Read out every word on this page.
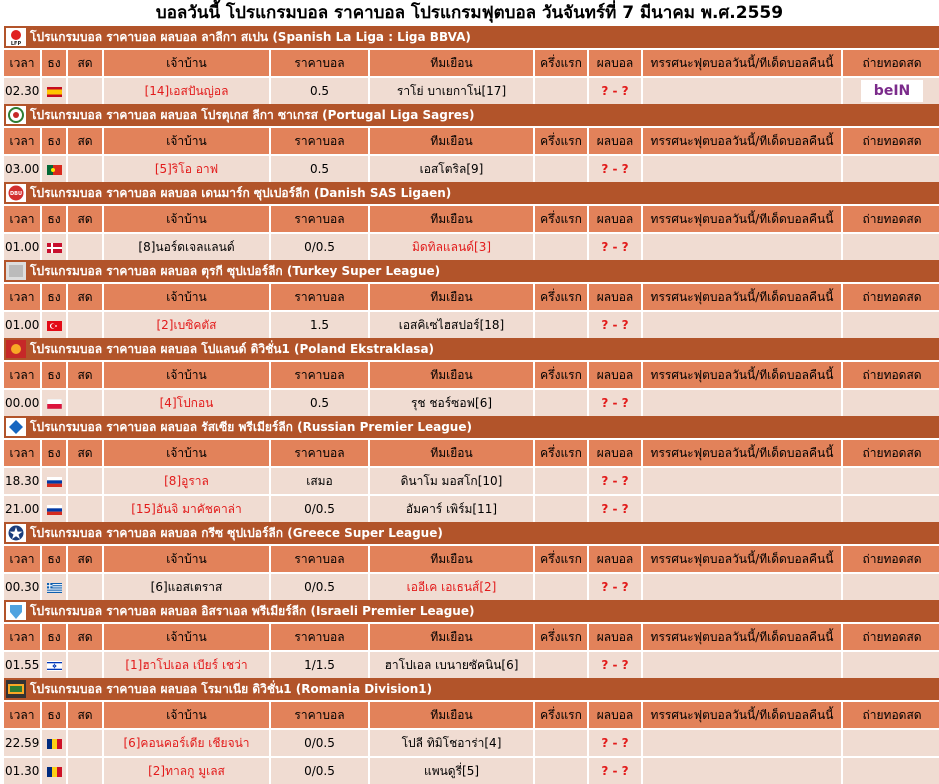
บอลวันนี้ โปรแกรมบอล ราคาบอล โปรแกรมฟุตบอล วันจันทร์ที่ 7 มีนาคม พ.ศ.2559
LFP
โปรแกรมบอล ราคาบอล ผลบอล ลาลีกา สเปน (Spanish La Liga : Liga BBVA)									
เวลา	ธง	สด	เจ้าบ้าน	ราคาบอล	ทีมเยือน	ครึ่งแรก	ผลบอล	ทรรศนะฟุตบอลวันนี้/ทีเด็ดบอลคืนนี้	ถ่ายทอดสด
02.30			[14]เอสปันญ่อล	0.5	ราโย่ บาเยกาโน่[17]		? - ?		beIN
โปรแกรมบอล ราคาบอล ผลบอล โปรตุเกส ลีกา ซาเกรส (Portugal Liga Sagres)									
เวลา	ธง	สด	เจ้าบ้าน	ราคาบอล	ทีมเยือน	ครึ่งแรก	ผลบอล	ทรรศนะฟุตบอลวันนี้/ทีเด็ดบอลคืนนี้	ถ่ายทอดสด
03.00			[5]ริโอ อาฟ	0.5	เอสโตริล[9]		? - ?		
DBU โปรแกรมบอล ราคาบอล ผลบอล เดนมาร์ก ซุปเปอร์ลีก (Danish SAS Ligaen)									
เวลา	ธง	สด	เจ้าบ้าน	ราคาบอล	ทีมเยือน	ครึ่งแรก	ผลบอล	ทรรศนะฟุตบอลวันนี้/ทีเด็ดบอลคืนนี้	ถ่ายทอดสด
01.00			[8]นอร์ดเจลแลนด์	0/0.5	มิดทิลแลนด์[3]		? - ?		
โปรแกรมบอล ราคาบอล ผลบอล ตุรกี ซุปเปอร์ลีก (Turkey Super League)									
เวลา	ธง	สด	เจ้าบ้าน	ราคาบอล	ทีมเยือน	ครึ่งแรก	ผลบอล	ทรรศนะฟุตบอลวันนี้/ทีเด็ดบอลคืนนี้	ถ่ายทอดสด
01.00			[2]เบซิคตัส	1.5	เอสคิเซไฮสปอร์[18]		? - ?		
โปรแกรมบอล ราคาบอล ผลบอล โปแลนด์ ดิวิชั่น1 (Poland Ekstraklasa)									
เวลา	ธง	สด	เจ้าบ้าน	ราคาบอล	ทีมเยือน	ครึ่งแรก	ผลบอล	ทรรศนะฟุตบอลวันนี้/ทีเด็ดบอลคืนนี้	ถ่ายทอดสด
00.00			[4]โปกอน	0.5	รุช ชอร์ซอฟ[6]		? - ?		
โปรแกรมบอล ราคาบอล ผลบอล รัสเซีย พรีเมียร์ลีก (Russian Premier League)									
เวลา	ธง	สด	เจ้าบ้าน	ราคาบอล	ทีมเยือน	ครึ่งแรก	ผลบอล	ทรรศนะฟุตบอลวันนี้/ทีเด็ดบอลคืนนี้	ถ่ายทอดสด
18.30			[8]อูราล	เสมอ	ดินาโม มอสโก[10]		? - ?		
21.00			[15]อันจิ มาคัชคาล่า	0/0.5	อัมคาร์ เพิร์ม[11]		? - ?		
โปรแกรมบอล ราคาบอล ผลบอล กรีซ ซุปเปอร์ลีก (Greece Super League)									
เวลา	ธง	สด	เจ้าบ้าน	ราคาบอล	ทีมเยือน	ครึ่งแรก	ผลบอล	ทรรศนะฟุตบอลวันนี้/ทีเด็ดบอลคืนนี้	ถ่ายทอดสด
00.30			[6]แอสเตราส	0/0.5	เออีเค เอเธนส์[2]		? - ?		
โปรแกรมบอล ราคาบอล ผลบอล อิสราเอล พรีเมียร์ลีก (Israeli Premier League)									
เวลา	ธง	สด	เจ้าบ้าน	ราคาบอล	ทีมเยือน	ครึ่งแรก	ผลบอล	ทรรศนะฟุตบอลวันนี้/ทีเด็ดบอลคืนนี้	ถ่ายทอดสด
01.55			[1]ฮาโปเอล เบียร์ เชว่า	1/1.5	ฮาโปเอล เบนายซัคนิน[6]		? - ?		
โปรแกรมบอล ราคาบอล ผลบอล โรมาเนีย ดิวิชั่น1 (Romania Division1)									
เวลา	ธง	สด	เจ้าบ้าน	ราคาบอล	ทีมเยือน	ครึ่งแรก	ผลบอล	ทรรศนะฟุตบอลวันนี้/ทีเด็ดบอลคืนนี้	ถ่ายทอดสด
22.59			[6]คอนคอร์เดีย เชียจน่า	0/0.5	โปลี ทิมิโชอาร่า[4]		? - ?		
01.30			[2]ทาลกู มูเลส	0/0.5	แพนดูรี่[5]		? - ?		
